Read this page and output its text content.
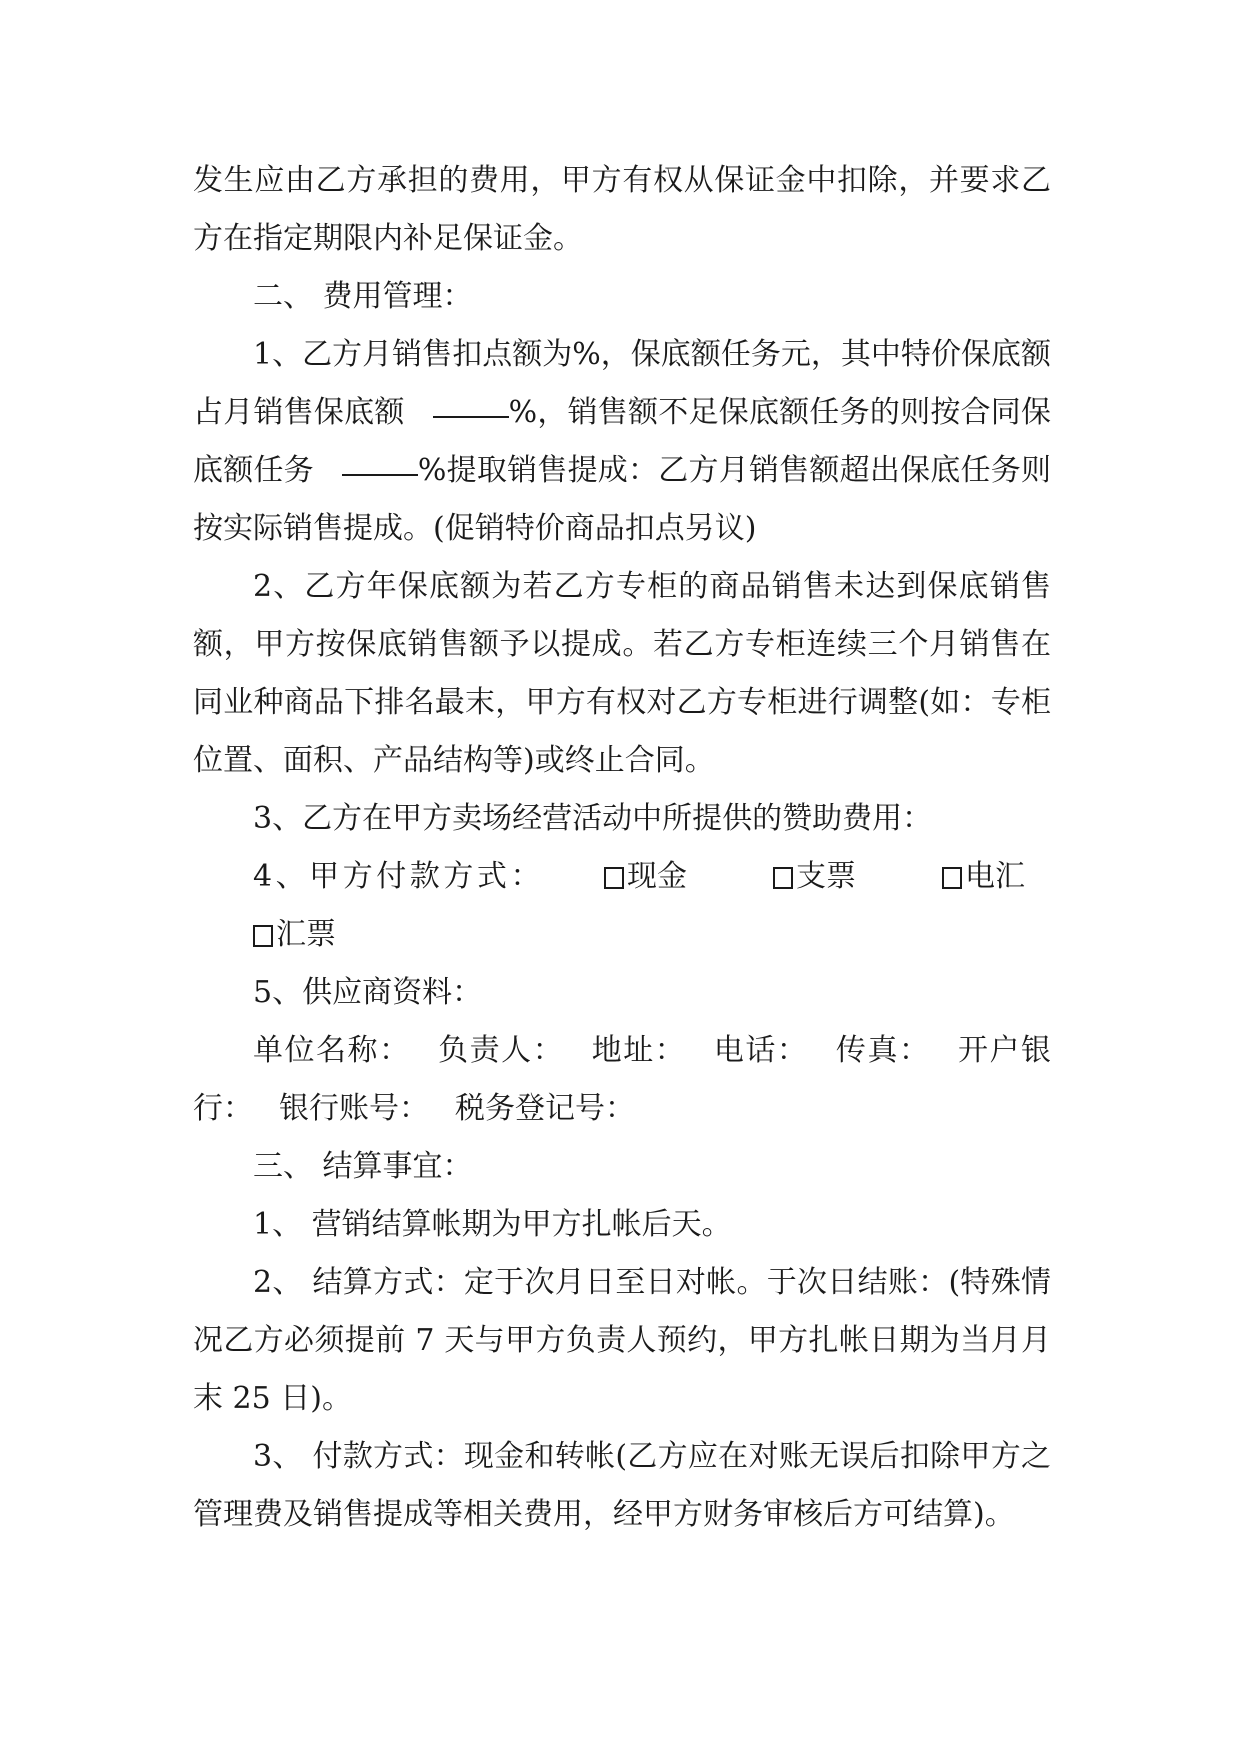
发生应由乙方承担的费用，甲方有权从保证金中扣除，并要求乙方在指定期限内补足保证金。

二、 费用管理：

1、乙方月销售扣点额为%，保底额任务元，其中特价保底额占月销售保底额	%，销售额不足保底额任务的则按合同保底额任务	%提取销售提成：乙方月销售额超出保底任务则按实际销售提成。(促销特价商品扣点另议)

2、乙方年保底额为若乙方专柜的商品销售未达到保底销售额，甲方按保底销售额予以提成。若乙方专柜连续三个月销售在同业种商品下排名最末，甲方有权对乙方专柜进行调整(如：专柜位置、面积、产品结构等)或终止合同。

3、乙方在甲方卖场经营活动中所提供的赞助费用：

4、甲方付款方式：	现金	支票	电汇汇票

5、供应商资料：

单位名称： 负责人： 地址： 电话： 传真： 开户银行： 银行账号： 税务登记号：

三、 结算事宜：

1、 营销结算帐期为甲方扎帐后天。

2、 结算方式：定于次月日至日对帐。于次日结账：(特殊情况乙方必须提前 7 天与甲方负责人预约，甲方扎帐日期为当月月末 25 日)。

3、 付款方式：现金和转帐(乙方应在对账无误后扣除甲方之管理费及销售提成等相关费用，经甲方财务审核后方可结算)。
